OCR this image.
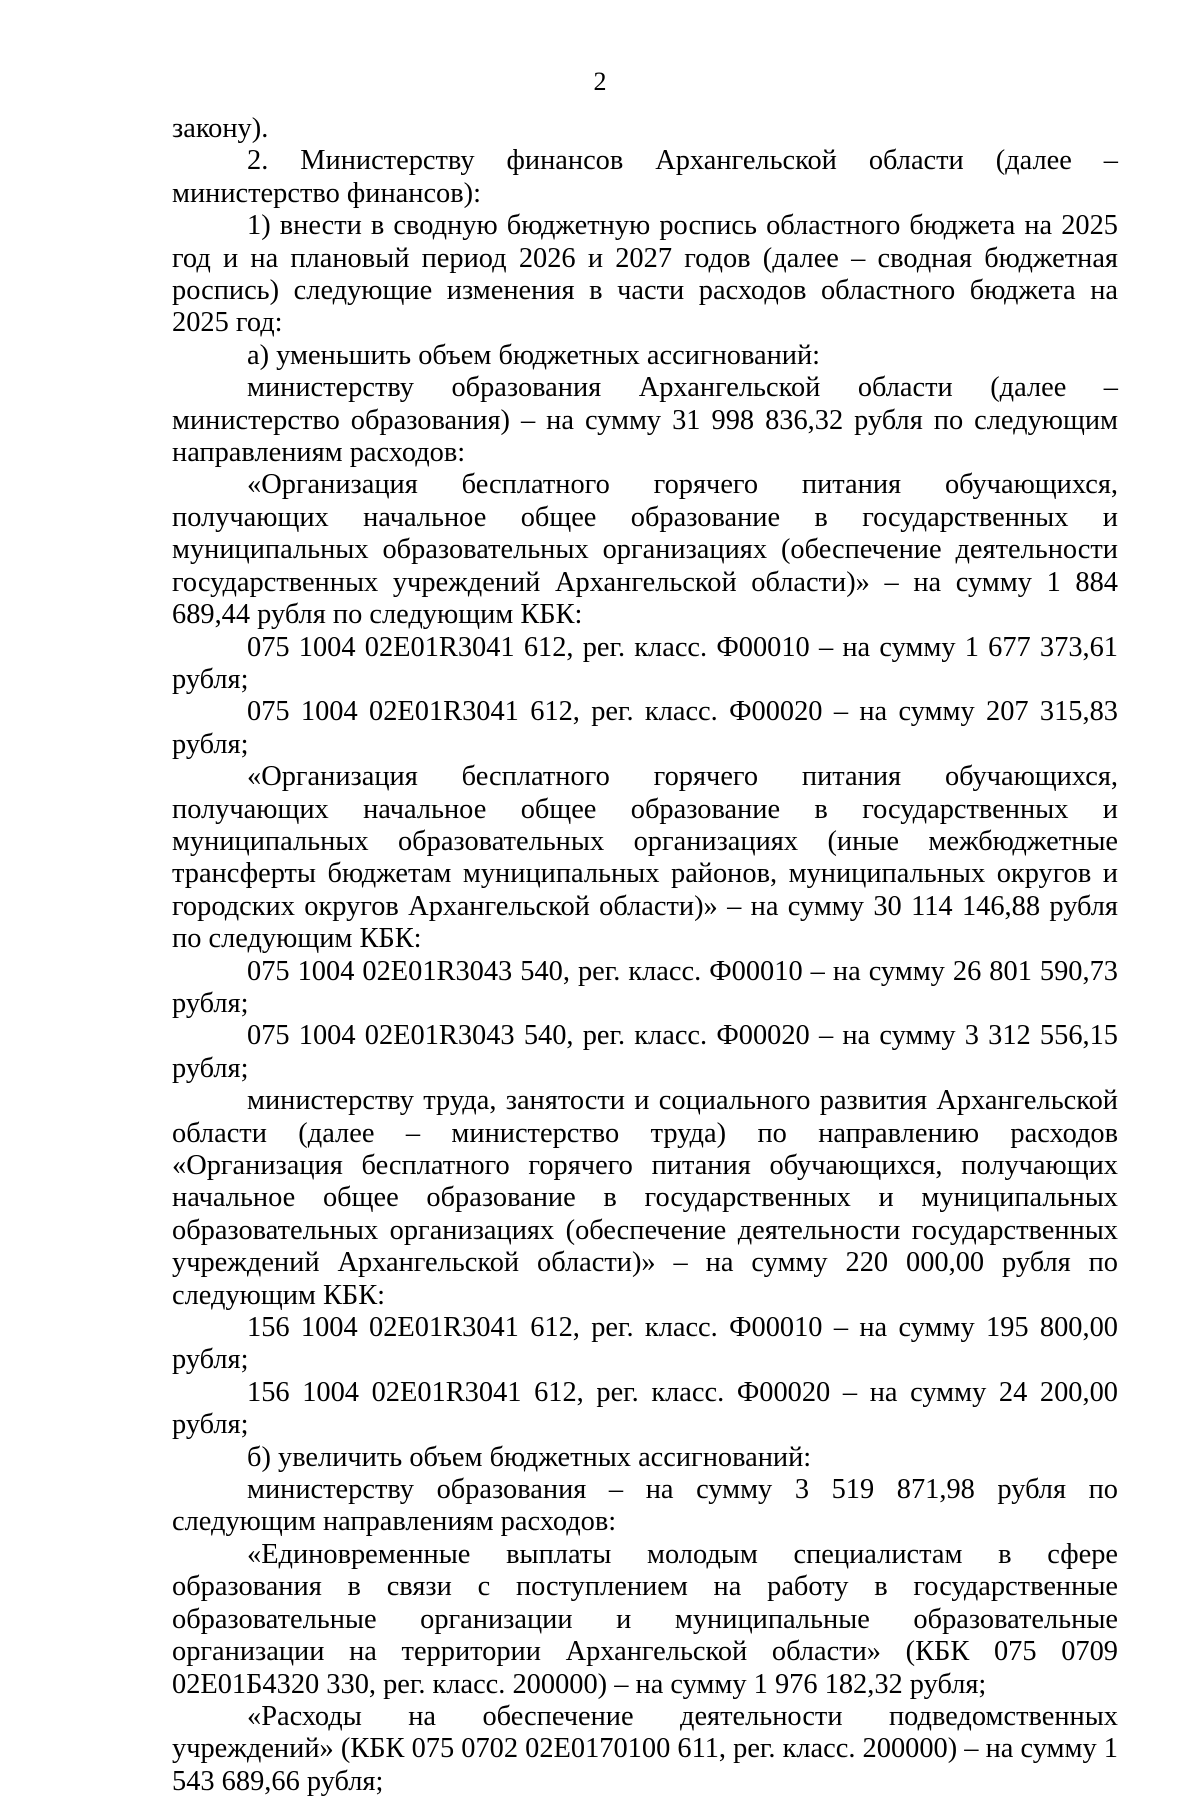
2

закону).

2. Министерству финансов Архангельской области (далее – министерство финансов):

1) внести в сводную бюджетную роспись областного бюджета на 2025 год и на плановый период 2026 и 2027 годов (далее – сводная бюджетная роспись) следующие изменения в части расходов областного бюджета на 2025 год:

а) уменьшить объем бюджетных ассигнований:

министерству образования Архангельской области (далее – министерство образования) – на сумму 31 998 836,32 рубля по следующим направлениям расходов:

«Организация бесплатного горячего питания обучающихся, получающих начальное общее образование в государственных и муниципальных образовательных организациях (обеспечение деятельности государственных учреждений Архангельской области)» – на сумму 1 884 689,44 рубля по следующим КБК:

075 1004 02Е01R3041 612, рег. класс. Ф00010 – на сумму 1 677 373,61 рубля;

075 1004 02Е01R3041 612, рег. класс. Ф00020 – на сумму 207 315,83 рубля;

«Организация бесплатного горячего питания обучающихся, получающих начальное общее образование в государственных и муниципальных образовательных организациях (иные межбюджетные трансферты бюджетам муниципальных районов, муниципальных округов и городских округов Архангельской области)» – на сумму 30 114 146,88 рубля по следующим КБК:

075 1004 02Е01R3043 540, рег. класс. Ф00010 – на сумму 26 801 590,73 рубля;

075 1004 02Е01R3043 540, рег. класс. Ф00020 – на сумму 3 312 556,15 рубля;

министерству труда, занятости и социального развития Архангельской области (далее – министерство труда) по направлению расходов «Организация бесплатного горячего питания обучающихся, получающих начальное общее образование в государственных и муниципальных образовательных организациях (обеспечение деятельности государственных учреждений Архангельской области)» – на сумму 220 000,00 рубля по следующим КБК:

156 1004 02Е01R3041 612, рег. класс. Ф00010 – на сумму 195 800,00 рубля;

156 1004 02Е01R3041 612, рег. класс. Ф00020 – на сумму 24 200,00 рубля;

б) увеличить объем бюджетных ассигнований:

министерству образования – на сумму 3 519 871,98 рубля по следующим направлениям расходов:

«Единовременные выплаты молодым специалистам в сфере образования в связи с поступлением на работу в государственные образовательные организации и муниципальные образовательные организации на территории Архангельской области» (КБК 075 0709 02Е01Б4320 330, рег. класс. 200000) – на сумму 1 976 182,32 рубля;

«Расходы на обеспечение деятельности подведомственных учреждений» (КБК 075 0702 02Е0170100 611, рег. класс. 200000) – на сумму 1 543 689,66 рубля;
